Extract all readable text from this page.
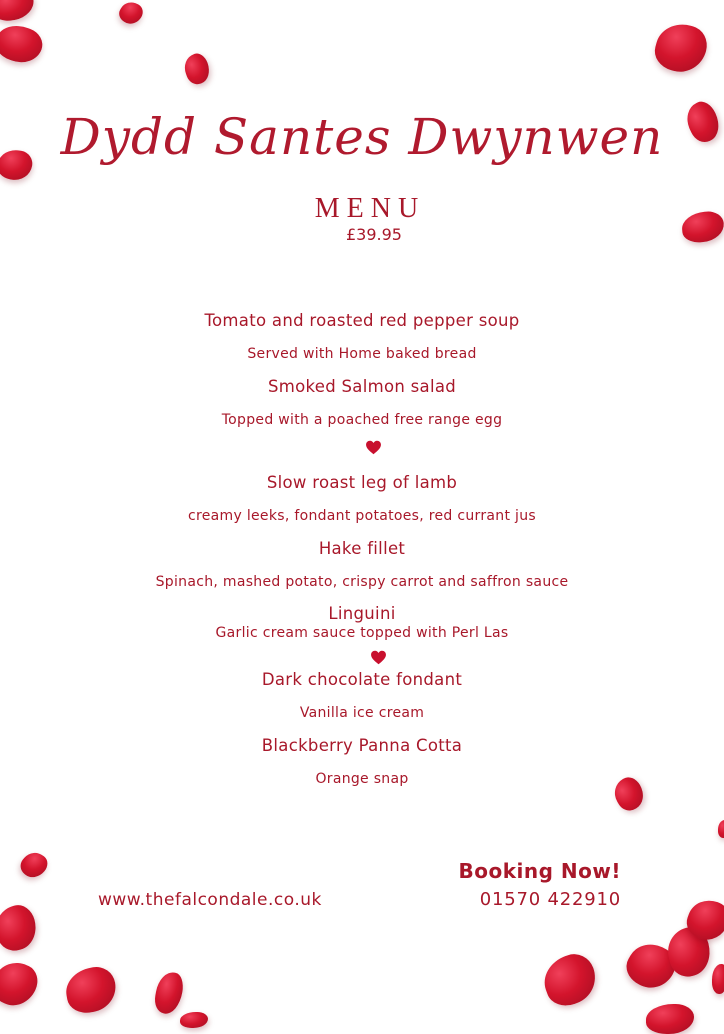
Dydd Santes Dwynwen
MENU
£39.95
Tomato and roasted red pepper soup
Served with Home baked bread
Smoked Salmon salad
Topped with a poached free range egg
Slow roast leg of lamb
creamy leeks, fondant potatoes, red currant jus
Hake fillet
Spinach, mashed potato, crispy carrot and saffron sauce
Linguini
Garlic cream sauce topped with Perl Las
Dark chocolate fondant
Vanilla ice cream
Blackberry Panna Cotta
Orange snap
www.thefalcondale.co.uk
Booking Now!
01570 422910
